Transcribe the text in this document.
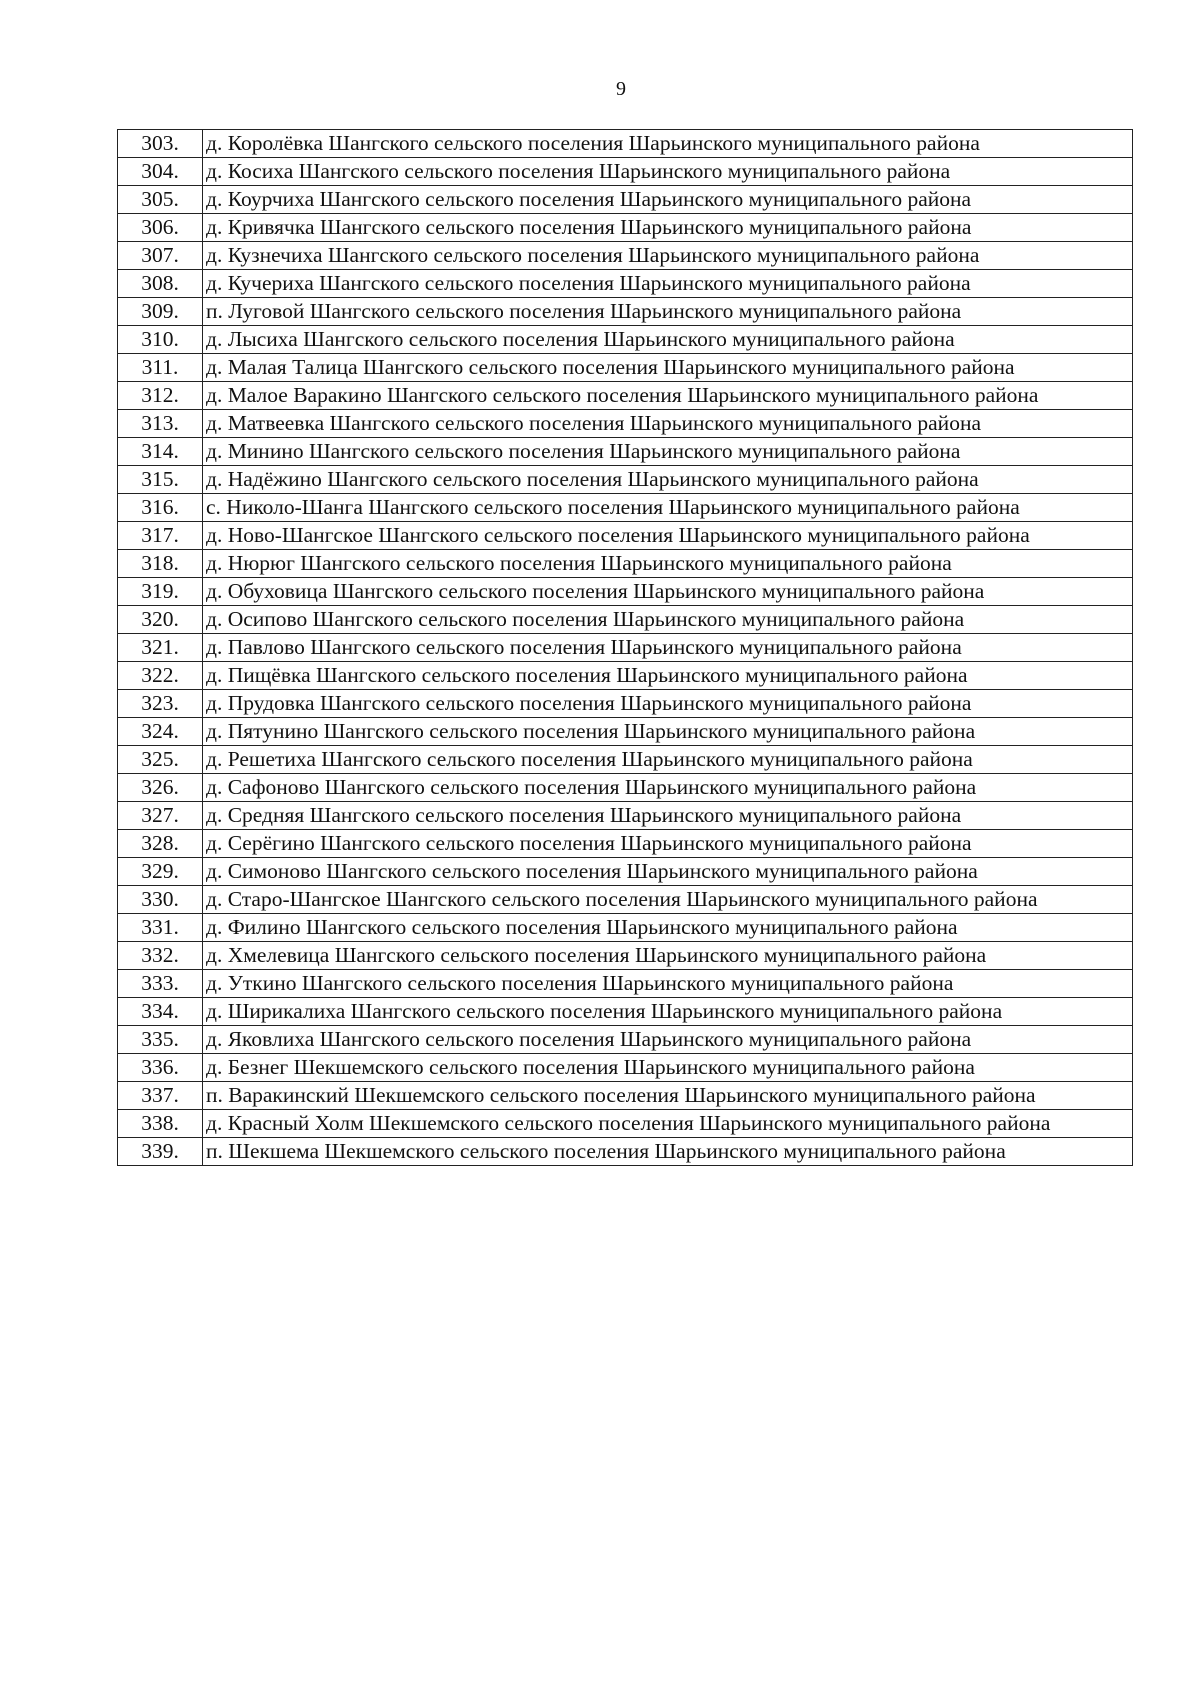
9
303.	д. Королёвка Шангского сельского поселения Шарьинского муниципального района
304.	д. Косиха Шангского сельского поселения Шарьинского муниципального района
305.	д. Коурчиха Шангского сельского поселения Шарьинского муниципального района
306.	д. Кривячка Шангского сельского поселения Шарьинского муниципального района
307.	д. Кузнечиха Шангского сельского поселения Шарьинского муниципального района
308.	д. Кучериха Шангского сельского поселения Шарьинского муниципального района
309.	п. Луговой Шангского сельского поселения Шарьинского муниципального района
310.	д. Лысиха Шангского сельского поселения Шарьинского муниципального района
311.	д. Малая Талица Шангского сельского поселения Шарьинского муниципального района
312.	д. Малое Варакино Шангского сельского поселения Шарьинского муниципального района
313.	д. Матвеевка Шангского сельского поселения Шарьинского муниципального района
314.	д. Минино Шангского сельского поселения Шарьинского муниципального района
315.	д. Надёжино Шангского сельского поселения Шарьинского муниципального района
316.	с. Николо-Шанга Шангского сельского поселения Шарьинского муниципального района
317.	д. Ново-Шангское Шангского сельского поселения Шарьинского муниципального района
318.	д. Нюрюг Шангского сельского поселения Шарьинского муниципального района
319.	д. Обуховица Шангского сельского поселения Шарьинского муниципального района
320.	д. Осипово Шангского сельского поселения Шарьинского муниципального района
321.	д. Павлово Шангского сельского поселения Шарьинского муниципального района
322.	д. Пищёвка Шангского сельского поселения Шарьинского муниципального района
323.	д. Прудовка Шангского сельского поселения Шарьинского муниципального района
324.	д. Пятунино Шангского сельского поселения Шарьинского муниципального района
325.	д. Решетиха Шангского сельского поселения Шарьинского муниципального района
326.	д. Сафоново Шангского сельского поселения Шарьинского муниципального района
327.	д. Средняя Шангского сельского поселения Шарьинского муниципального района
328.	д. Серёгино Шангского сельского поселения Шарьинского муниципального района
329.	д. Симоново Шангского сельского поселения Шарьинского муниципального района
330.	д. Старо-Шангское Шангского сельского поселения Шарьинского муниципального района
331.	д. Филино Шангского сельского поселения Шарьинского муниципального района
332.	д. Хмелевица Шангского сельского поселения Шарьинского муниципального района
333.	д. Уткино Шангского сельского поселения Шарьинского муниципального района
334.	д. Ширикалиха Шангского сельского поселения Шарьинского муниципального района
335.	д. Яковлиха Шангского сельского поселения Шарьинского муниципального района
336.	д. Безнег Шекшемского сельского поселения Шарьинского муниципального района
337.	п. Варакинский Шекшемского сельского поселения Шарьинского муниципального района
338.	д. Красный Холм Шекшемского сельского поселения Шарьинского муниципального района
339.	п. Шекшема Шекшемского сельского поселения Шарьинского муниципального района
